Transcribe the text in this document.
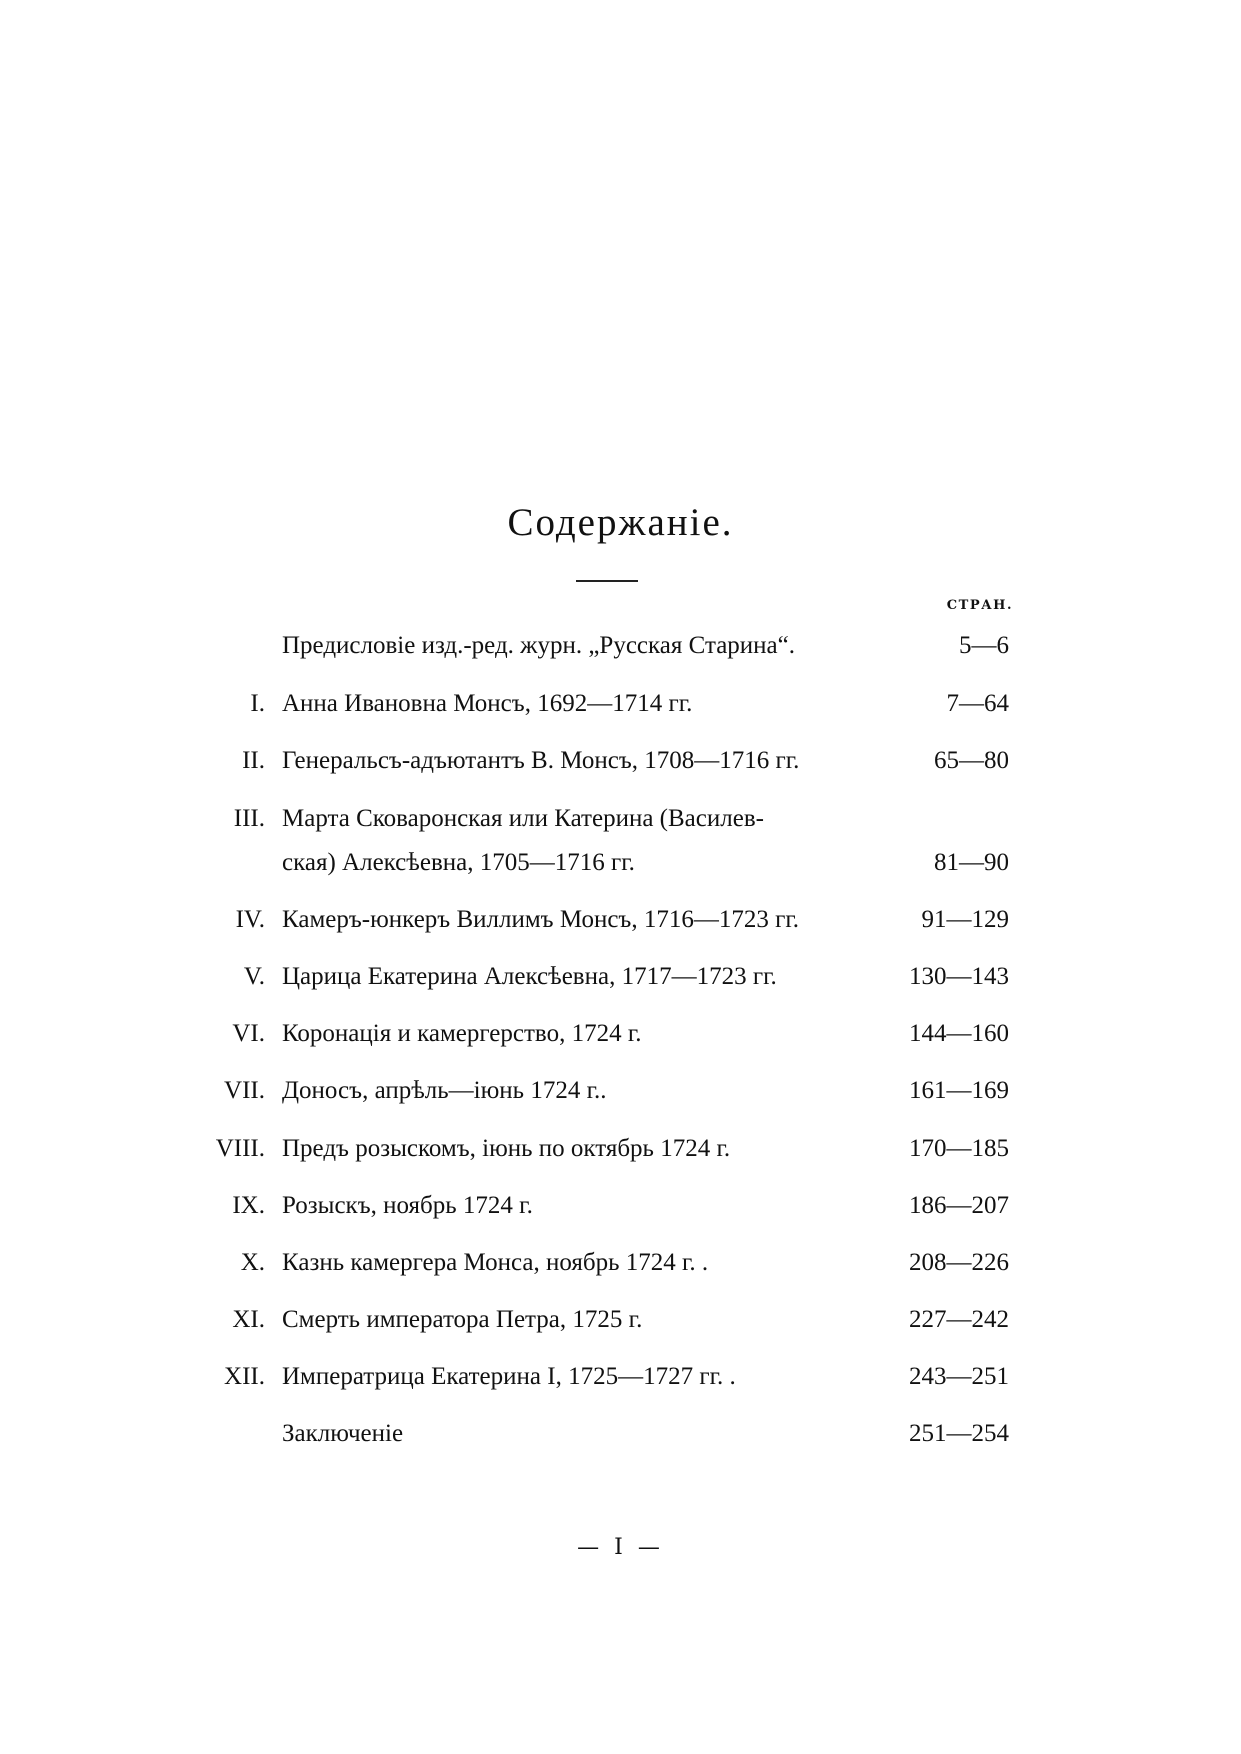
Содержаніе.
СТРАН.
Предисловіе изд.-ред. журн. „Русская Старина“.	5—6
I. Анна Ивановна Монсъ, 1692—1714 гг.	7—64
II. Генеральсъ-адъютантъ В. Монсъ, 1708—1716 гг.	65—80
III. Марта Сковаронская или Катерина (Василев-
ская) Алексѣевна, 1705—1716 гг.	81—90
IV. Камеръ-юнкеръ Виллимъ Монсъ, 1716—1723 гг.	91—129
V. Царица Екатерина Алексѣевна, 1717—1723 гг.	130—143
VI. Коронація и камергерство, 1724 г.	144—160
VII. Доносъ, апрѣль—іюнь 1724 г..	161—169
VIII. Предъ розыскомъ, іюнь по октябрь 1724 г.	170—185
IX. Розыскъ, ноябрь 1724 г.	186—207
X. Казнь камергера Монса, ноябрь 1724 г. .	208—226
XI. Смерть императора Петра, 1725 г.	227—242
XII. Императрица Екатерина I, 1725—1727 гг. .	243—251
Заключеніе	251—254
— I —
